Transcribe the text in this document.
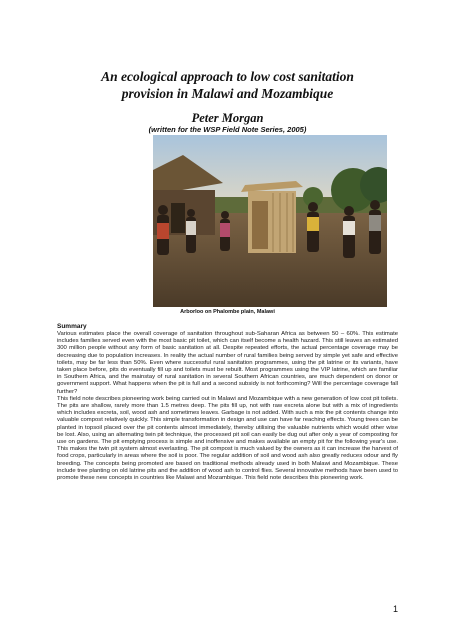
An ecological approach to low cost sanitation
provision in Malawi and Mozambique
Peter Morgan
(written for the WSP Field Note Series, 2005)
Arborloo on Phalombe plain, Malawi
Summary

Various estimates place the overall coverage of sanitation throughout sub-Saharan Africa as between 50 – 60%. This estimate includes families served even with the most basic pit toilet, which can itself become a health hazard. This still leaves an estimated 300 million people without any form of basic sanitation at all. Despite repeated efforts, the actual percentage coverage may be decreasing due to population increases. In reality the actual number of rural families being served by simple yet safe and effective toilets, may be far less than 50%. Even where successful rural sanitation programmes, using the pit latrine or its variants, have taken place before, pits do eventually fill up and toilets must be rebuilt. Most programmes using the VIP latrine, which are familiar in Southern Africa, and the mainstay of rural sanitation in several Southern African countries, are much dependent on donor or government support. What happens when the pit is full and a second subsidy is not forthcoming? Will the percentage coverage fall further?

This field note describes pioneering work being carried out in Malawi and Mozambique with a new generation of low cost pit toilets. The pits are shallow, rarely more than 1.5 metres deep. The pits fill up, not with raw excreta alone but with a mix of ingredients which includes excreta, soil, wood ash and sometimes leaves. Garbage is not added. With such a mix the pit contents change into valuable compost relatively quickly. This simple transformation in design and use can have far reaching effects. Young trees can be planted in topsoil placed over the pit contents almost immediately, thereby utilising the valuable nutrients which would other wise be lost. Also, using an alternating twin pit technique, the processed pit soil can easily be dug out after only a year of composting for use on gardens. The pit emptying process is simple and inoffensive and makes available an empty pit for the following year's use. This makes the twin pit system almost everlasting. The pit compost is much valued by the owners as it can increase the harvest of food crops, particularly in areas where the soil is poor. The regular addition of soil and wood ash also greatly reduces odour and fly breeding. The concepts being promoted are based on traditional methods already used in both Malawi and Mozambique. These include tree planting on old latrine pits and the addition of wood ash to control flies. Several innovative methods have been used to promote these new concepts in countries like Malawi and Mozambique. This field note describes this pioneering work.

1
